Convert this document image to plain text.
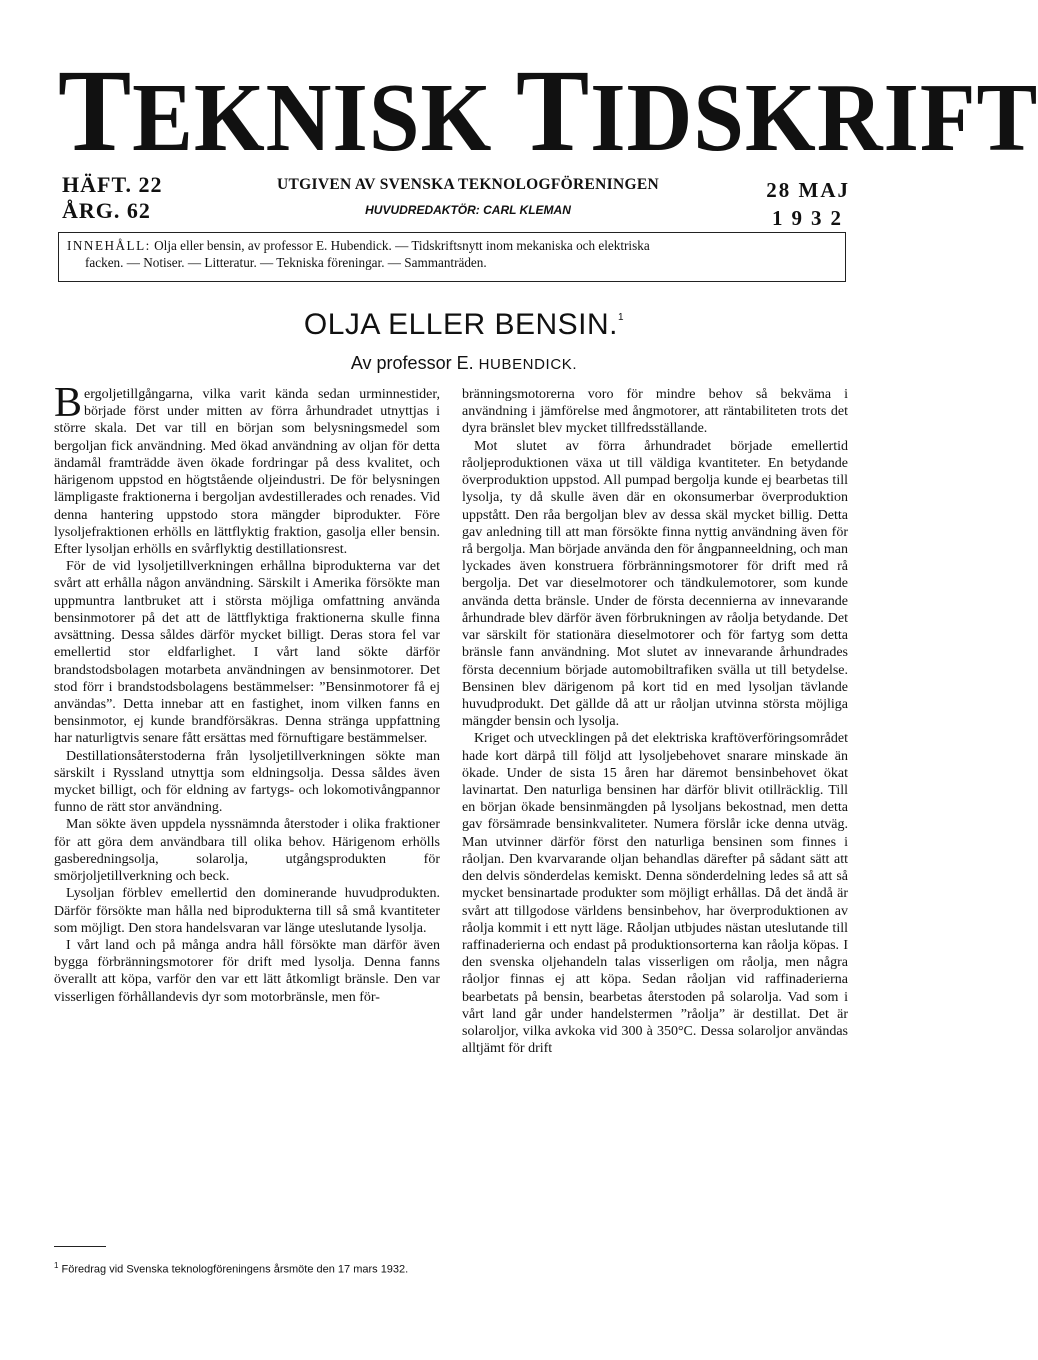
TEKNISK TIDSKRIFT
HÄFT. 22
ÅRG. 62
UTGIVEN AV SVENSKA TEKNOLOGFÖRENINGEN
HUVUDREDAKTÖR: CARL KLEMAN
28 MAJ
1932
INNEHÅLL: Olja eller bensin, av professor E. Hubendick. — Tidskriftsnytt inom mekaniska och elektriska
facken. — Notiser. — Litteratur. — Tekniska föreningar. — Sammanträden.
OLJA ELLER BENSIN.$^1$
Av professor E. HUBENDICK.

Bergoljetillgångarna, vilka varit kända sedan urminnestider, började först under mitten av förra århundradet utnyttjas i större skala. Det var till en början som belysningsmedel som bergoljan fick användning. Med ökad användning av oljan för detta ändamål framträdde även ökade fordringar på dess kvalitet, och härigenom uppstod en högtstående oljeindustri. De för belysningen lämpligaste fraktionerna i bergoljan avdestillerades och renades. Vid denna hantering uppstodo stora mängder biprodukter. Före lysoljefraktionen erhölls en lättflyktig fraktion, gasolja eller bensin. Efter lysoljan erhölls en svårflyktig destillationsrest.

För de vid lysoljetillverkningen erhållna biprodukterna var det svårt att erhålla någon användning. Särskilt i Amerika försökte man uppmuntra lantbruket att i största möjliga omfattning använda bensinmotorer på det att de lättflyktiga fraktionerna skulle finna avsättning. Dessa såldes därför mycket billigt. Deras stora fel var emellertid stor eldfarlighet. I vårt land sökte därför brandstodsbolagen motarbeta användningen av bensinmotorer. Det stod förr i brandstodsbolagens bestämmelser: ”Bensinmotorer få ej användas”. Detta innebar att en fastighet, inom vilken fanns en bensinmotor, ej kunde brandförsäkras. Denna stränga uppfattning har naturligtvis senare fått ersättas med förnuftigare bestämmelser.

Destillationsåterstoderna från lysoljetillverkningen sökte man särskilt i Ryssland utnyttja som eldningsolja. Dessa såldes även mycket billigt, och för eldning av fartygs- och lokomotivångpannor funno de rätt stor användning.

Man sökte även uppdela nyssnämnda återstoder i olika fraktioner för att göra dem användbara till olika behov. Härigenom erhölls gasberedningsolja, solarolja, utgångsprodukten för smörjoljetillverkning och beck.

Lysoljan förblev emellertid den dominerande huvudprodukten. Därför försökte man hålla ned biprodukterna till så små kvantiteter som möjligt. Den stora handelsvaran var länge uteslutande lysolja.

I vårt land och på många andra håll försökte man därför även bygga förbränningsmotorer för drift med lysolja. Denna fanns överallt att köpa, varför den var ett lätt åtkomligt bränsle. Den var visserligen förhållandevis dyr som motorbränsle, men för-

bränningsmotorerna voro för mindre behov så bekväma i användning i jämförelse med ångmotorer, att räntabiliteten trots det dyra bränslet blev mycket tillfredsställande.

Mot slutet av förra århundradet började emellertid råoljeproduktionen växa ut till väldiga kvantiteter. En betydande överproduktion uppstod. All pumpad bergolja kunde ej bearbetas till lysolja, ty då skulle även där en okonsumerbar överproduktion uppstått. Den råa bergoljan blev av dessa skäl mycket billig. Detta gav anledning till att man försökte finna nyttig användning även för rå bergolja. Man började använda den för ångpanneeldning, och man lyckades även konstruera förbränningsmotorer för drift med rå bergolja. Det var dieselmotorer och tändkulemotorer, som kunde använda detta bränsle. Under de första decennierna av innevarande århundrade blev därför även förbrukningen av råolja betydande. Det var särskilt för stationära dieselmotorer och för fartyg som detta bränsle fann användning. Mot slutet av innevarande århundrades första decennium började automobiltrafiken svälla ut till betydelse. Bensinen blev därigenom på kort tid en med lysoljan tävlande huvudprodukt. Det gällde då att ur råoljan utvinna största möjliga mängder bensin och lysolja.

Kriget och utvecklingen på det elektriska kraftöverföringsområdet hade kort därpå till följd att lysoljebehovet snarare minskade än ökade. Under de sista 15 åren har däremot bensinbehovet ökat lavinartat. Den naturliga bensinen har därför blivit otillräcklig. Till en början ökade bensinmängden på lysoljans bekostnad, men detta gav försämrade bensinkvaliteter. Numera förslår icke denna utväg. Man utvinner därför först den naturliga bensinen som finnes i råoljan. Den kvarvarande oljan behandlas därefter på sådant sätt att den delvis sönderdelas kemiskt. Denna sönderdelning ledes så att så mycket bensinartade produkter som möjligt erhållas. Då det ändå är svårt att tillgodose världens bensinbehov, har överproduktionen av råolja kommit i ett nytt läge. Råoljan utbjudes nästan uteslutande till raffinaderierna och endast på produktionsorterna kan råolja köpas. I den svenska oljehandeln talas visserligen om råolja, men några råoljor finnas ej att köpa. Sedan råoljan vid raffinaderierna bearbetats på bensin, bearbetas återstoden på solarolja. Vad som i vårt land går under handelstermen ”råolja” är destillat. Det är solaroljor, vilka avkoka vid 300 à 350°C. Dessa solaroljor användas alltjämt för drift

$^1$ Föredrag vid Svenska teknologföreningens årsmöte den 17 mars 1932.
